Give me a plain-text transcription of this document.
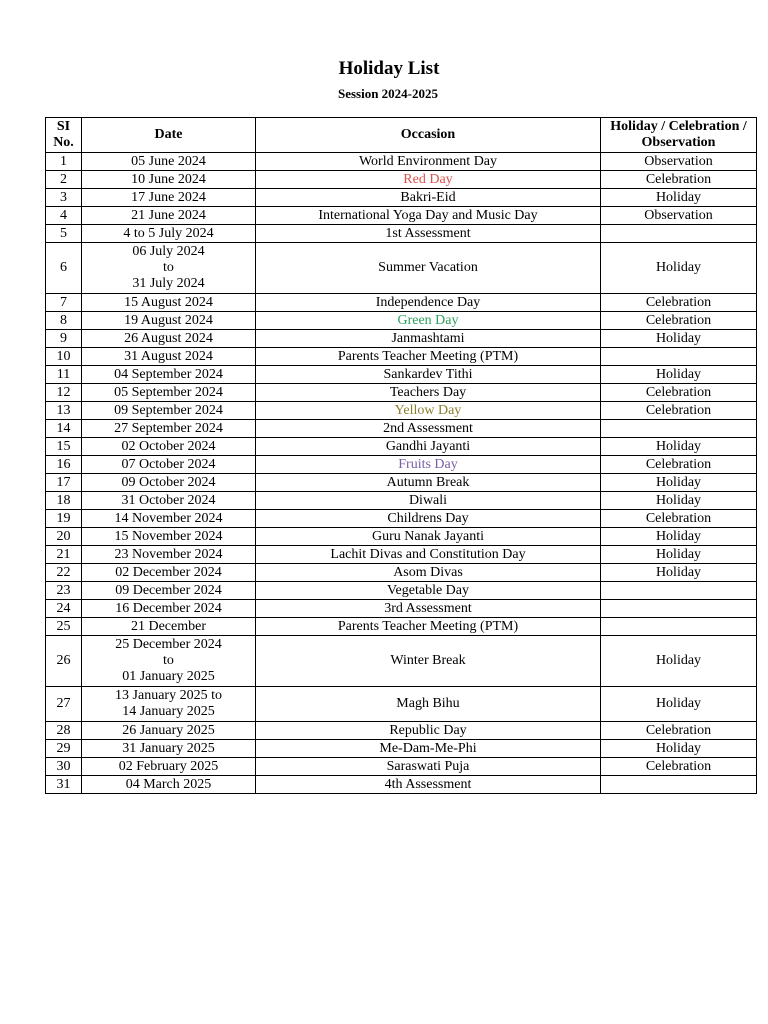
Holiday List
Session 2024-2025
SI No.	Date	Occasion	Holiday / Celebration / Observation
1	05 June 2024	World Environment Day	Observation
2	10 June 2024	Red Day	Celebration
3	17 June 2024	Bakri-Eid	Holiday
4	21 June 2024	International Yoga Day and Music Day	Observation
5	4 to 5 July 2024	1st Assessment	
6	06 July 2024
to
31 July 2024	Summer Vacation	Holiday
7	15 August 2024	Independence Day	Celebration
8	19 August 2024	Green Day	Celebration
9	26 August 2024	Janmashtami	Holiday
10	31 August 2024	Parents Teacher Meeting (PTM)	
11	04 September 2024	Sankardev Tithi	Holiday
12	05 September 2024	Teachers Day	Celebration
13	09 September 2024	Yellow Day	Celebration
14	27 September 2024	2nd Assessment	
15	02 October 2024	Gandhi Jayanti	Holiday
16	07 October 2024	Fruits Day	Celebration
17	09 October 2024	Autumn Break	Holiday
18	31 October 2024	Diwali	Holiday
19	14 November 2024	Childrens Day	Celebration
20	15 November 2024	Guru Nanak Jayanti	Holiday
21	23 November 2024	Lachit Divas and Constitution Day	Holiday
22	02 December 2024	Asom Divas	Holiday
23	09 December 2024	Vegetable Day	
24	16 December 2024	3rd Assessment	
25	21 December	Parents Teacher Meeting (PTM)	
26	25 December 2024
to
01 January 2025	Winter Break	Holiday
27	13 January 2025 to
14 January 2025	Magh Bihu	Holiday
28	26 January 2025	Republic Day	Celebration
29	31 January 2025	Me-Dam-Me-Phi	Holiday
30	02 February 2025	Saraswati Puja	Celebration
31	04 March 2025	4th Assessment	
